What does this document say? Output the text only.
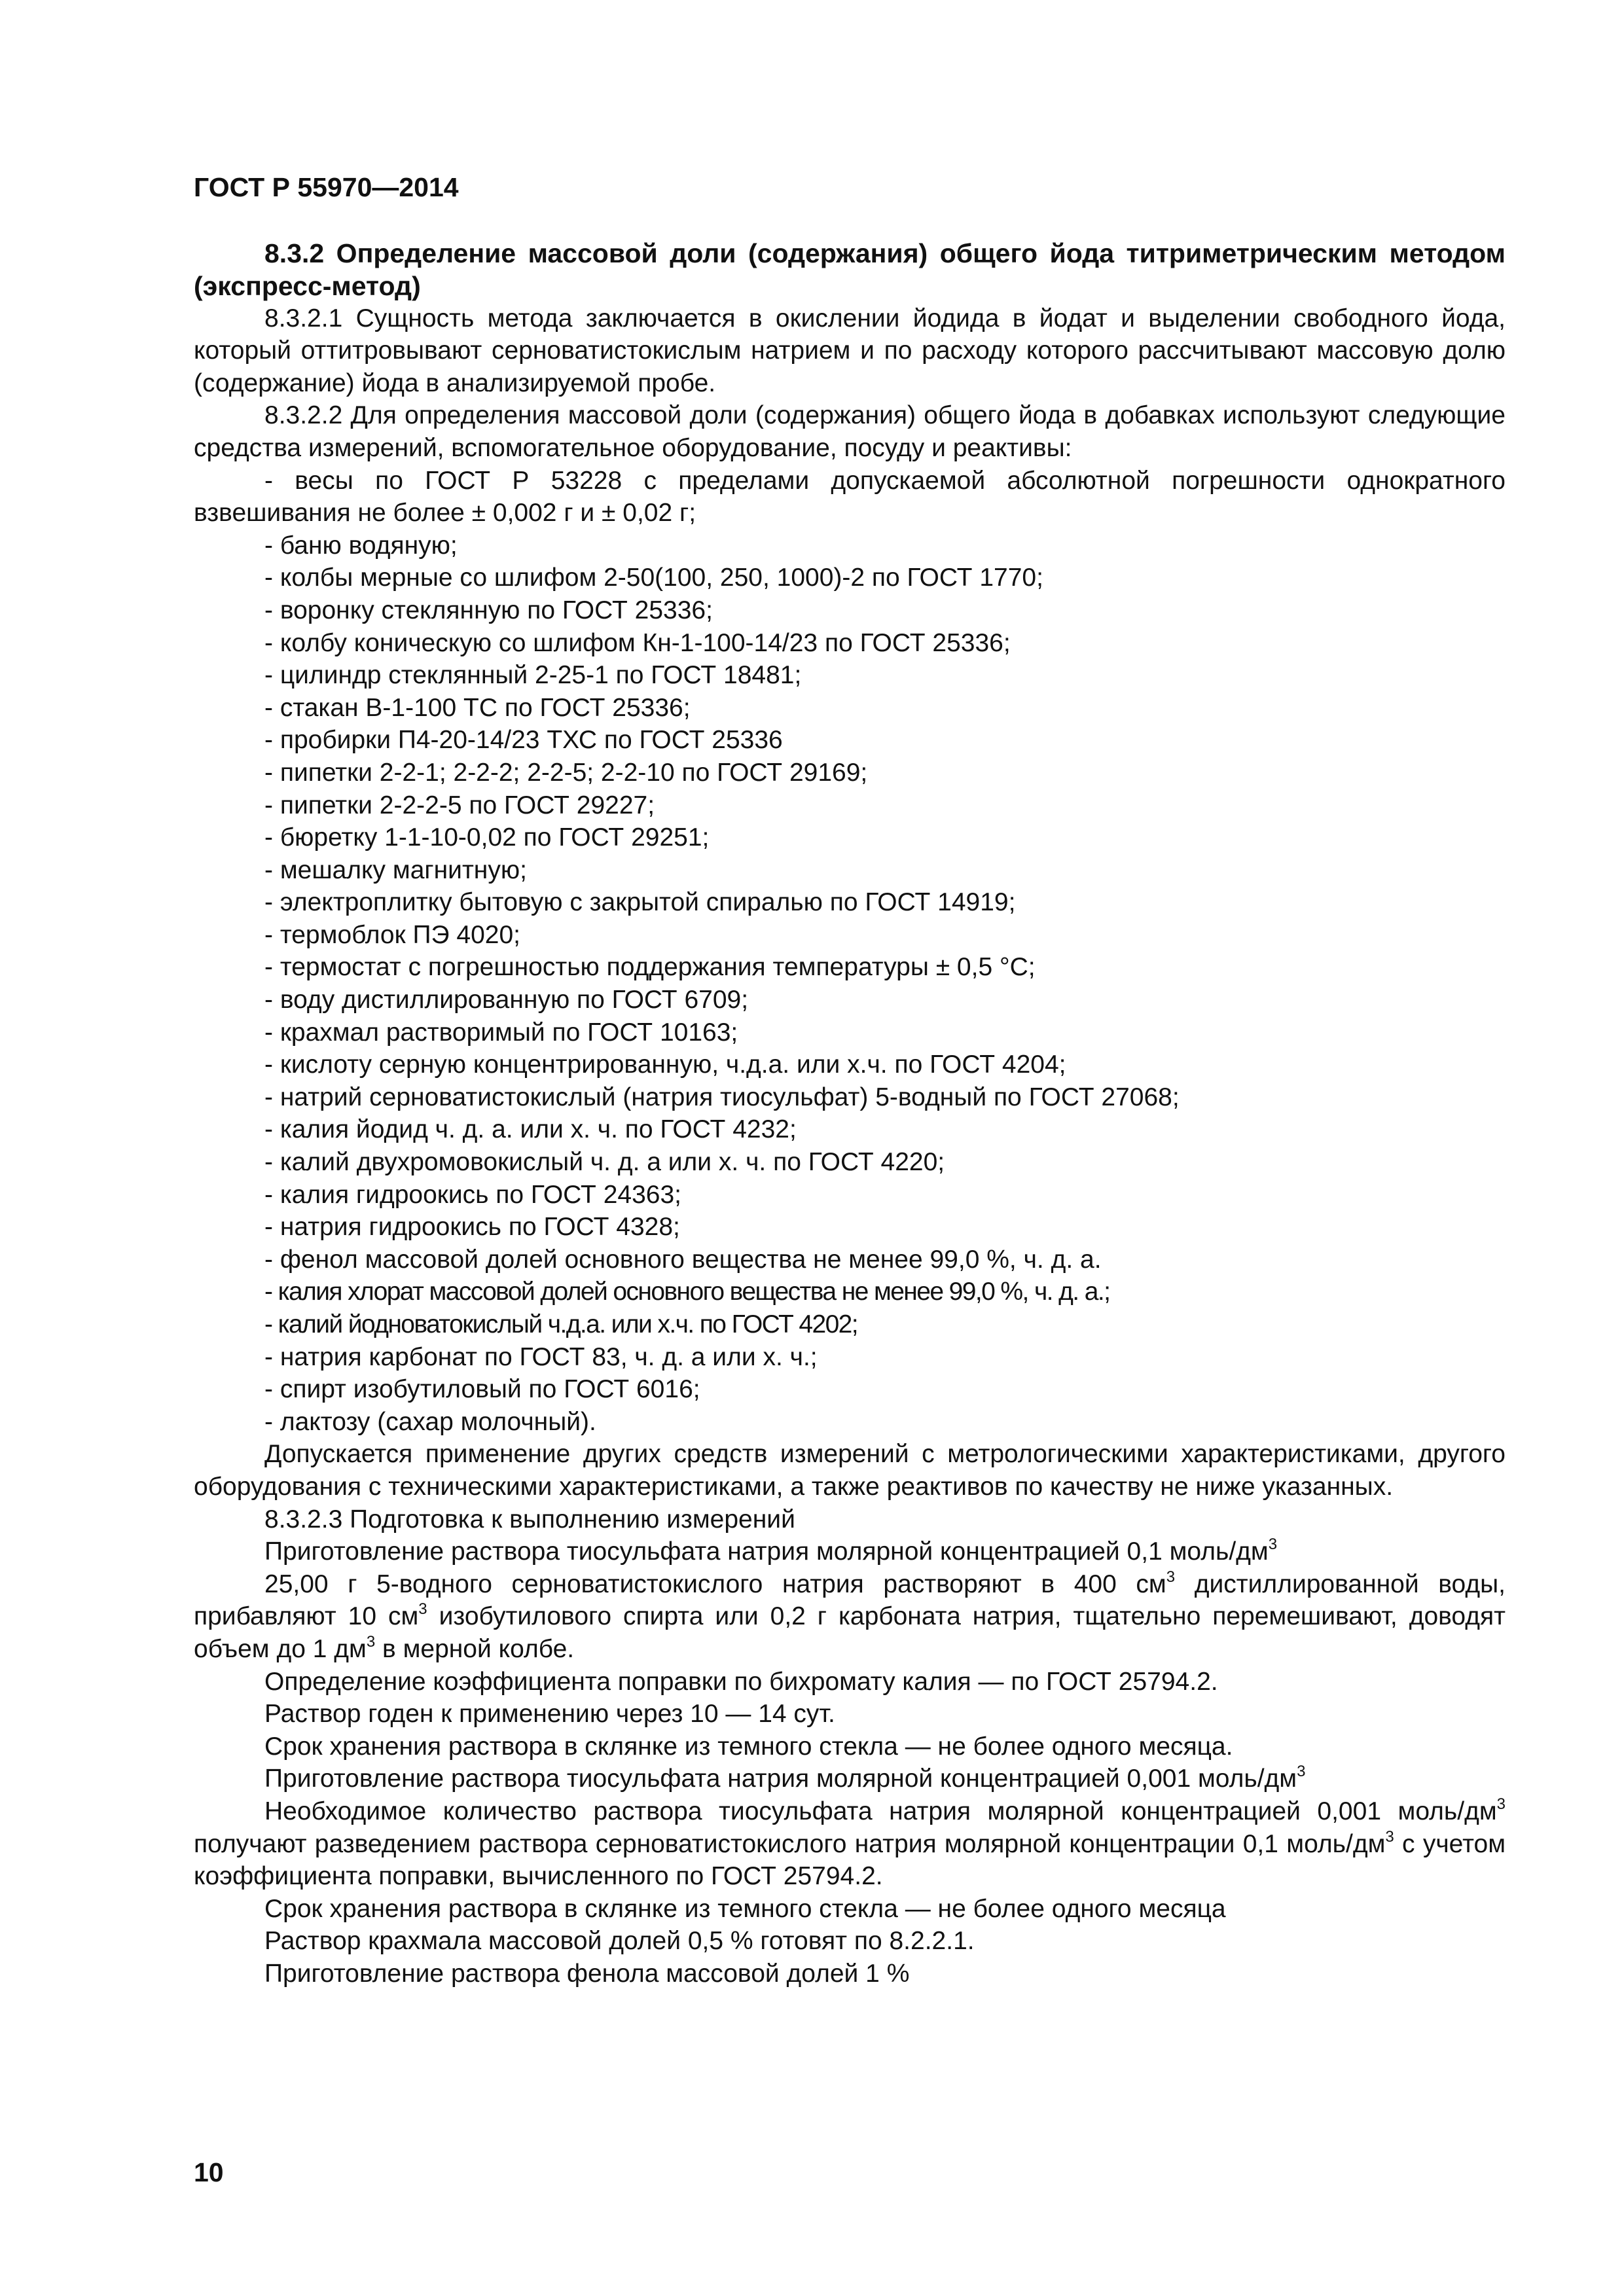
ГОСТ Р 55970—2014

8.3.2 Определение массовой доли (содержания) общего йода титриметрическим методом (экспресс-метод)

8.3.2.1 Сущность метода заключается в окислении йодида в йодат и выделении свободного йода, который оттитровывают серноватистокислым натрием и по расходу которого рассчитывают массовую долю (содержание) йода в анализируемой пробе.

8.3.2.2 Для определения массовой доли (содержания) общего йода в добавках используют следующие средства измерений, вспомогательное оборудование, посуду и реактивы:

- весы по ГОСТ Р 53228 с пределами допускаемой абсолютной погрешности однократного взвешивания не более ± 0,002 г и ± 0,02 г;

- баню водяную;

- колбы мерные со шлифом 2-50(100, 250, 1000)-2 по ГОСТ 1770;

- воронку стеклянную по ГОСТ 25336;

- колбу коническую со шлифом Кн-1-100-14/23 по ГОСТ 25336;

- цилиндр стеклянный 2-25-1 по ГОСТ 18481;

- стакан В-1-100 ТС по ГОСТ 25336;

- пробирки П4-20-14/23 ТХС по ГОСТ 25336

- пипетки 2-2-1; 2-2-2; 2-2-5; 2-2-10 по ГОСТ 29169;

- пипетки 2-2-2-5 по ГОСТ 29227;

- бюретку 1-1-10-0,02 по ГОСТ 29251;

- мешалку магнитную;

- электроплитку бытовую с закрытой спиралью по ГОСТ 14919;

- термоблок ПЭ 4020;

- термостат с погрешностью поддержания температуры ± 0,5 °С;

- воду дистиллированную по ГОСТ 6709;

- крахмал растворимый по ГОСТ 10163;

- кислоту серную концентрированную, ч.д.а. или х.ч. по ГОСТ 4204;

- натрий серноватистокислый (натрия тиосульфат) 5-водный по ГОСТ 27068;

- калия йодид ч. д. а. или х. ч. по ГОСТ 4232;

- калий двухромовокислый ч. д. а или х. ч. по ГОСТ 4220;

- калия гидроокись по ГОСТ 24363;

- натрия гидроокись по ГОСТ 4328;

- фенол массовой долей основного вещества не менее 99,0 %, ч. д. а.

- калия хлорат массовой долей основного вещества не менее 99,0 %, ч. д. а.;

- калий йодноватокислый ч.д.а. или х.ч. по ГОСТ 4202;

- натрия карбонат по ГОСТ 83, ч. д. а или х. ч.;

- спирт изобутиловый по ГОСТ 6016;

- лактозу (сахар молочный).

Допускается применение других средств измерений с метрологическими характеристиками, другого оборудования с техническими характеристиками, а также реактивов по качеству не ниже указанных.

8.3.2.3 Подготовка к выполнению измерений

Приготовление раствора тиосульфата натрия молярной концентрацией 0,1 моль/$дм^3$

25,00 г 5-водного серноватистокислого натрия растворяют в 400 $см^3$ дистиллированной воды, прибавляют 10 $см^3$ изобутилового спирта или 0,2 г карбоната натрия, тщательно перемешивают, доводят объем до 1 $дм^3$ в мерной колбе.

Определение коэффициента поправки по бихромату калия — по ГОСТ 25794.2.

Раствор годен к применению через 10 — 14 сут.

Срок хранения раствора в склянке из темного стекла — не более одного месяца.

Приготовление раствора тиосульфата натрия молярной концентрацией 0,001 моль/$дм^3$

Необходимое количество раствора тиосульфата натрия молярной концентрацией 0,001 моль/$дм^3$ получают разведением раствора серноватистокислого натрия молярной концентрации 0,1 моль/$дм^3$ с учетом коэффициента поправки, вычисленного по ГОСТ 25794.2.

Срок хранения раствора в склянке из темного стекла — не более одного месяца

Раствор крахмала массовой долей 0,5 % готовят по 8.2.2.1.

Приготовление раствора фенола массовой долей 1 %

10
